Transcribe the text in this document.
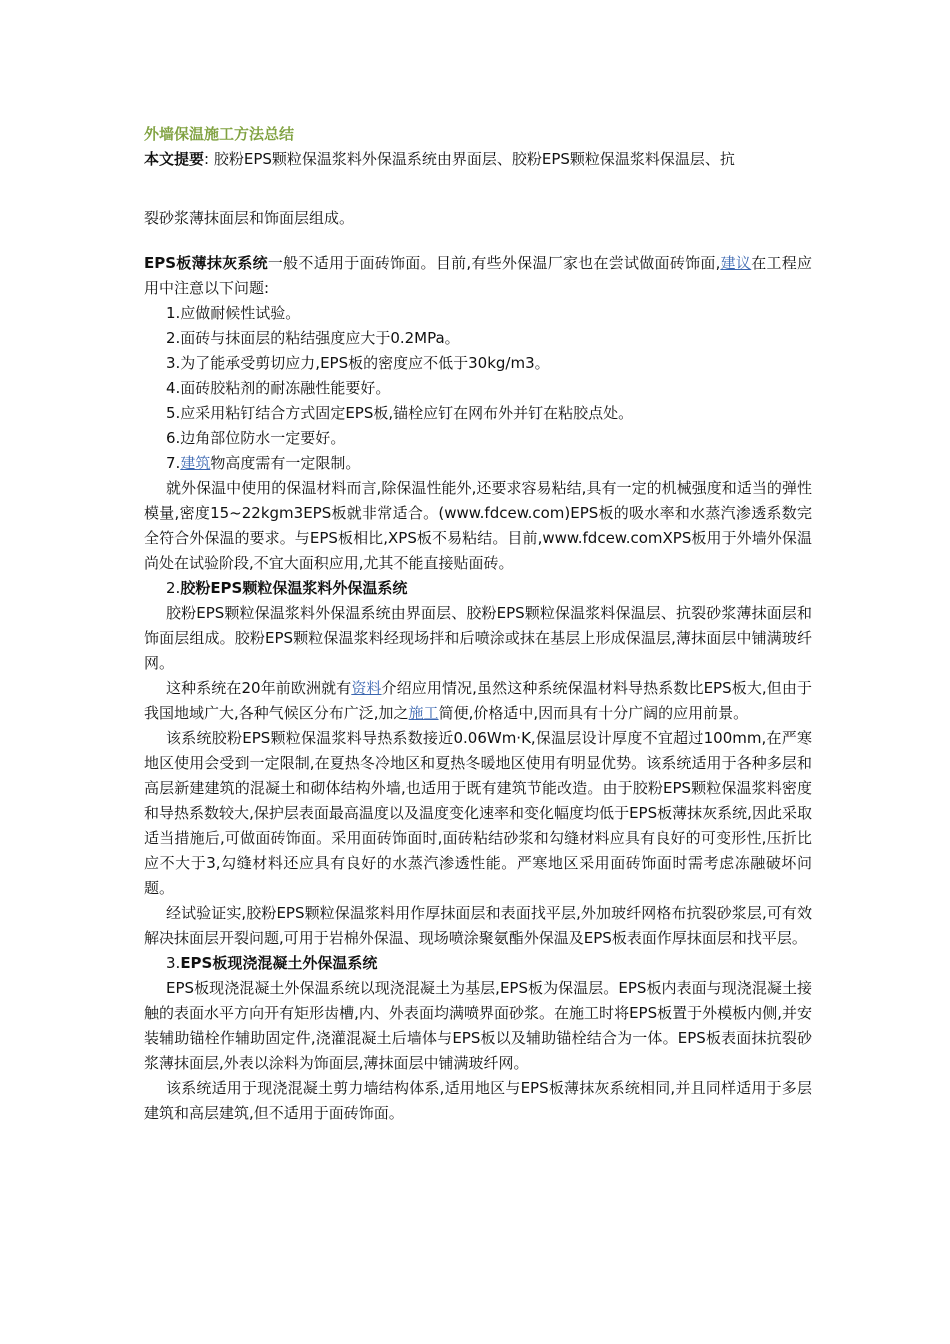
外墙保温施工方法总结

本文提要: 胶粉EPS颗粒保温浆料外保温系统由界面层、胶粉EPS颗粒保温浆料保温层、抗

裂砂浆薄抹面层和饰面层组成。

EPS板薄抹灰系统一般不适用于面砖饰面。目前,有些外保温厂家也在尝试做面砖饰面,建议在工程应用中注意以下问题:

1.应做耐候性试验。

2.面砖与抹面层的粘结强度应大于0.2MPa。

3.为了能承受剪切应力,EPS板的密度应不低于30kg/m3。

4.面砖胶粘剂的耐冻融性能要好。

5.应采用粘钉结合方式固定EPS板,锚栓应钉在网布外并钉在粘胶点处。

6.边角部位防水一定要好。

7.建筑物高度需有一定限制。

就外保温中使用的保温材料而言,除保温性能外,还要求容易粘结,具有一定的机械强度和适当的弹性模量,密度15~22kgm3EPS板就非常适合。(www.fdcew.com)EPS板的吸水率和水蒸汽渗透系数完全符合外保温的要求。与EPS板相比,XPS板不易粘结。目前,www.fdcew.comXPS板用于外墙外保温尚处在试验阶段,不宜大面积应用,尤其不能直接贴面砖。

2.胶粉EPS颗粒保温浆料外保温系统

胶粉EPS颗粒保温浆料外保温系统由界面层、胶粉EPS颗粒保温浆料保温层、抗裂砂浆薄抹面层和饰面层组成。胶粉EPS颗粒保温浆料经现场拌和后喷涂或抹在基层上形成保温层,薄抹面层中铺满玻纤网。

这种系统在20年前欧洲就有资料介绍应用情况,虽然这种系统保温材料导热系数比EPS板大,但由于我国地域广大,各种气候区分布广泛,加之施工简便,价格适中,因而具有十分广阔的应用前景。

该系统胶粉EPS颗粒保温浆料导热系数接近0.06Wm·K,保温层设计厚度不宜超过100mm,在严寒地区使用会受到一定限制,在夏热冬冷地区和夏热冬暖地区使用有明显优势。该系统适用于各种多层和高层新建建筑的混凝土和砌体结构外墙,也适用于既有建筑节能改造。由于胶粉EPS颗粒保温浆料密度和导热系数较大,保护层表面最高温度以及温度变化速率和变化幅度均低于EPS板薄抹灰系统,因此采取适当措施后,可做面砖饰面。采用面砖饰面时,面砖粘结砂浆和勾缝材料应具有良好的可变形性,压折比应不大于3,勾缝材料还应具有良好的水蒸汽渗透性能。严寒地区采用面砖饰面时需考虑冻融破坏问题。

经试验证实,胶粉EPS颗粒保温浆料用作厚抹面层和表面找平层,外加玻纤网格布抗裂砂浆层,可有效解决抹面层开裂问题,可用于岩棉外保温、现场喷涂聚氨酯外保温及EPS板表面作厚抹面层和找平层。

3.EPS板现浇混凝土外保温系统

EPS板现浇混凝土外保温系统以现浇混凝土为基层,EPS板为保温层。EPS板内表面与现浇混凝土接触的表面水平方向开有矩形齿槽,内、外表面均满喷界面砂浆。在施工时将EPS板置于外模板内侧,并安装辅助锚栓作辅助固定件,浇灌混凝土后墙体与EPS板以及辅助锚栓结合为一体。EPS板表面抹抗裂砂浆薄抹面层,外表以涂料为饰面层,薄抹面层中铺满玻纤网。

该系统适用于现浇混凝土剪力墙结构体系,适用地区与EPS板薄抹灰系统相同,并且同样适用于多层建筑和高层建筑,但不适用于面砖饰面。
